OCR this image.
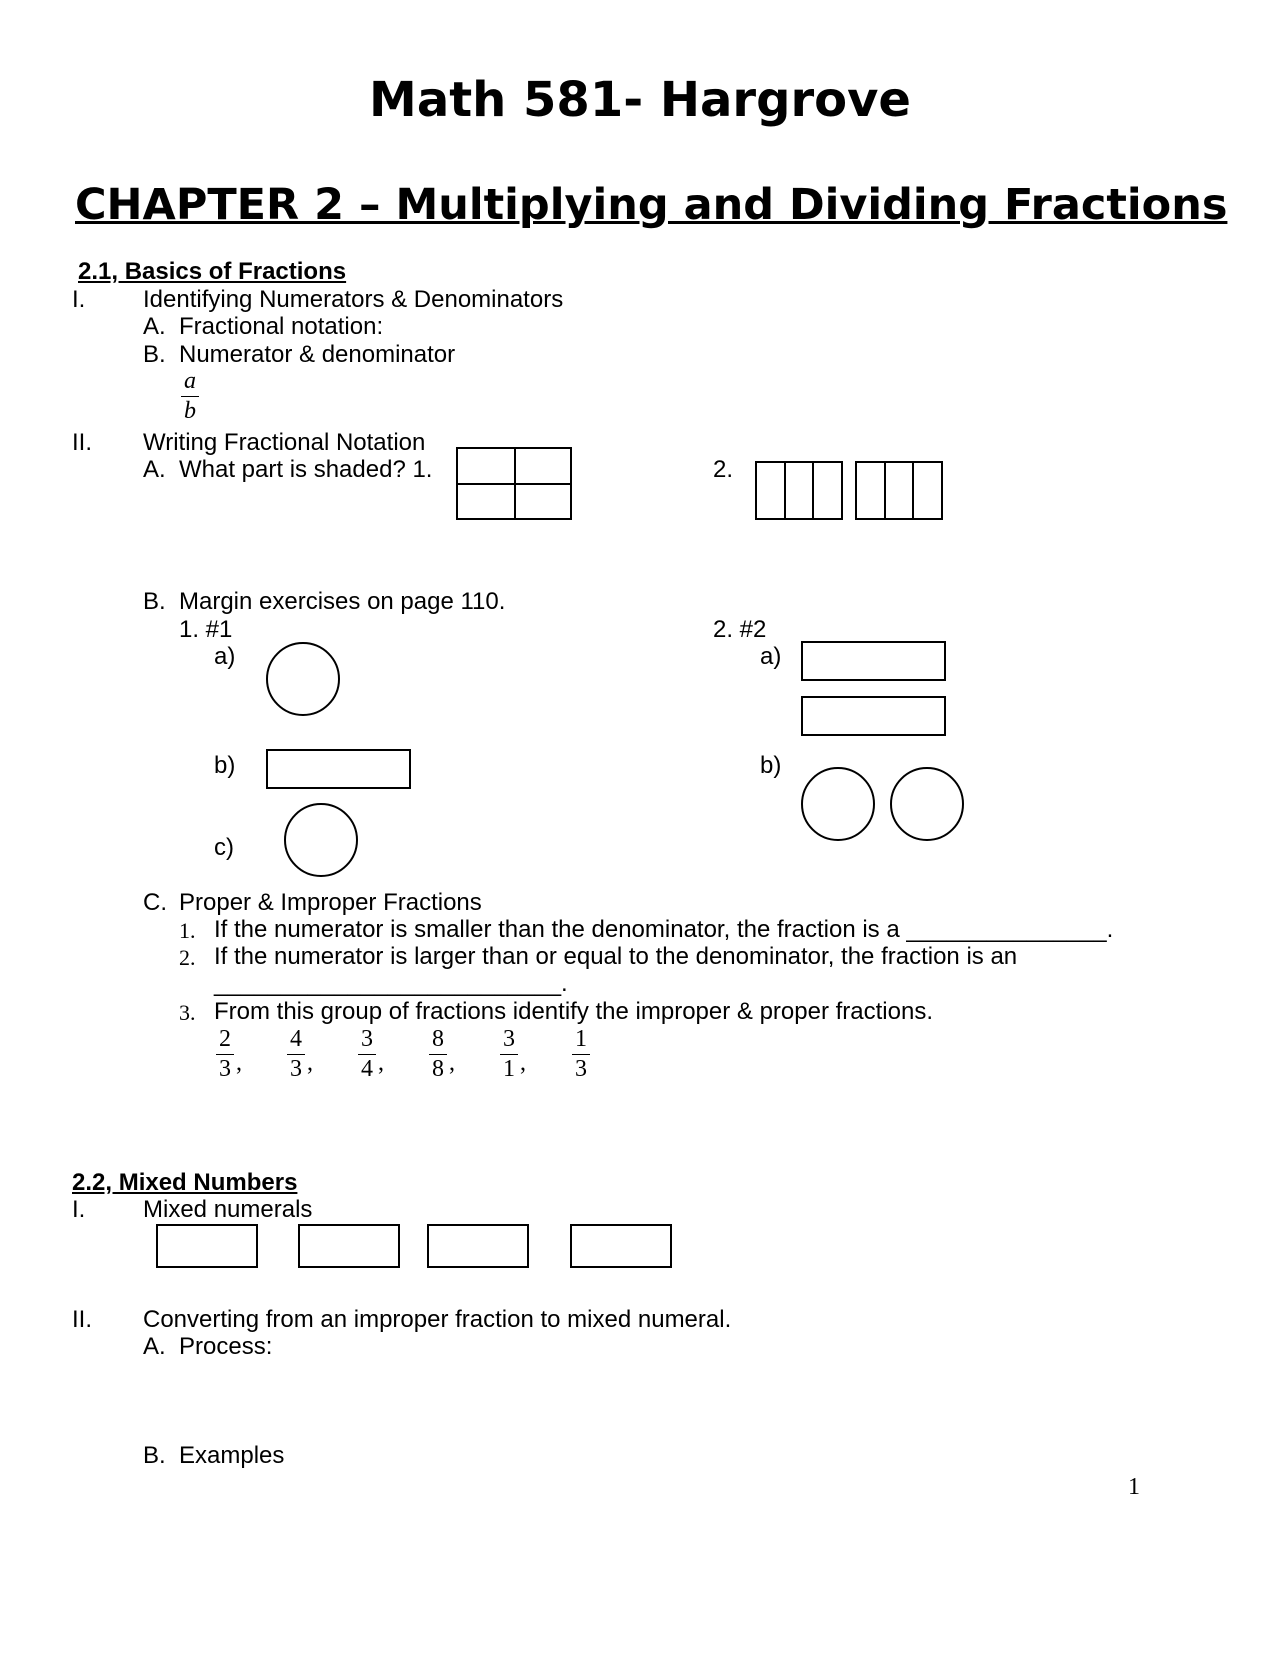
Math 581- Hargrove
CHAPTER 2 – Multiplying and Dividing Fractions
2.1, Basics of Fractions
I. Identifying Numerators & Denominators
A. Fractional notation:
B. Numerator & denominator
a
b
II. Writing Fractional Notation
A. What part is shaded? 1.	2.
B. Margin exercises on page 110.
1. #1	2. #2
a)	a)
b)	b)
c)
C. Proper & Improper Fractions
1. If the numerator is smaller than the denominator, the fraction is a _______________.
2. If the numerator is larger than or equal to the denominator, the fraction is an
__________________________.
3. From this group of fractions identify the improper & proper fractions.
2
3 ,
4
3 ,
3
4 ,
8
8 ,
3
1 ,
1
3
2.2, Mixed Numbers
I. Mixed numerals
II. Converting from an improper fraction to mixed numeral.
A. Process:
B. Examples
1
